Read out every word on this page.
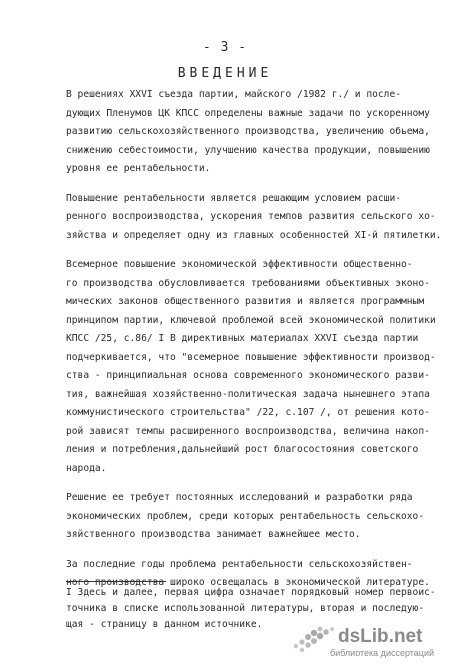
- 3 -
ВВЕДЕНИЕ
В решениях XXVI съезда партии, майского /1982 г./ и после-
дующих Пленумов ЦК КПСС определены важные задачи по ускоренному
развитию сельскохозяйственного производства, увеличению обьема,
снижению себестоимости, улучшению качества продукции, повышению
уровня ее рентабельности.
Повышение рентабельности является решающим условием расши-
ренного воспроизводства, ускорения темпов развития сельского хо-
зяйства и определяет одну из главных особенностей XI-й пятилетки.
Всемерное повышение экономической эффективности общественно-
го производства обусловливается требованиями объективных эконо-
мических законов общественного развития и является программным
принципом партии, ключевой проблемой всей экономической политики
КПСС /25, с.86/ I В директивных материалах XXVI съезда партии
подчеркивается, что "всемерное повышение эффективности производ-
ства - принципиальная основа современного экономического разви-
тия, важнейшая хозяйственно-политическая задача нынешнего этапа
коммунистического строительства" /22, с.107 /, от решения кото-
рой зависят темпы расширенного воспроизводства, величина накоп-
ления и потребления,дальнейший рост благосостояния советского
народа.
Решение ее требует постоянных исследований и разработки ряда
экономических проблем, среди которых рентабельность сельскохо-
зяйственного производства занимает важнейшее место.
За последние годы проблема рентабельности сельскохозяйствен-
ного производства широко освещалась в экономической литературе.
I Здесь и далее, первая цифра означает порядковый номер первоис-
точника в списке использованной литературы, вторая и последую-
щая - страницу в данном источнике.
dsLib.net
библиотека диссертаций
